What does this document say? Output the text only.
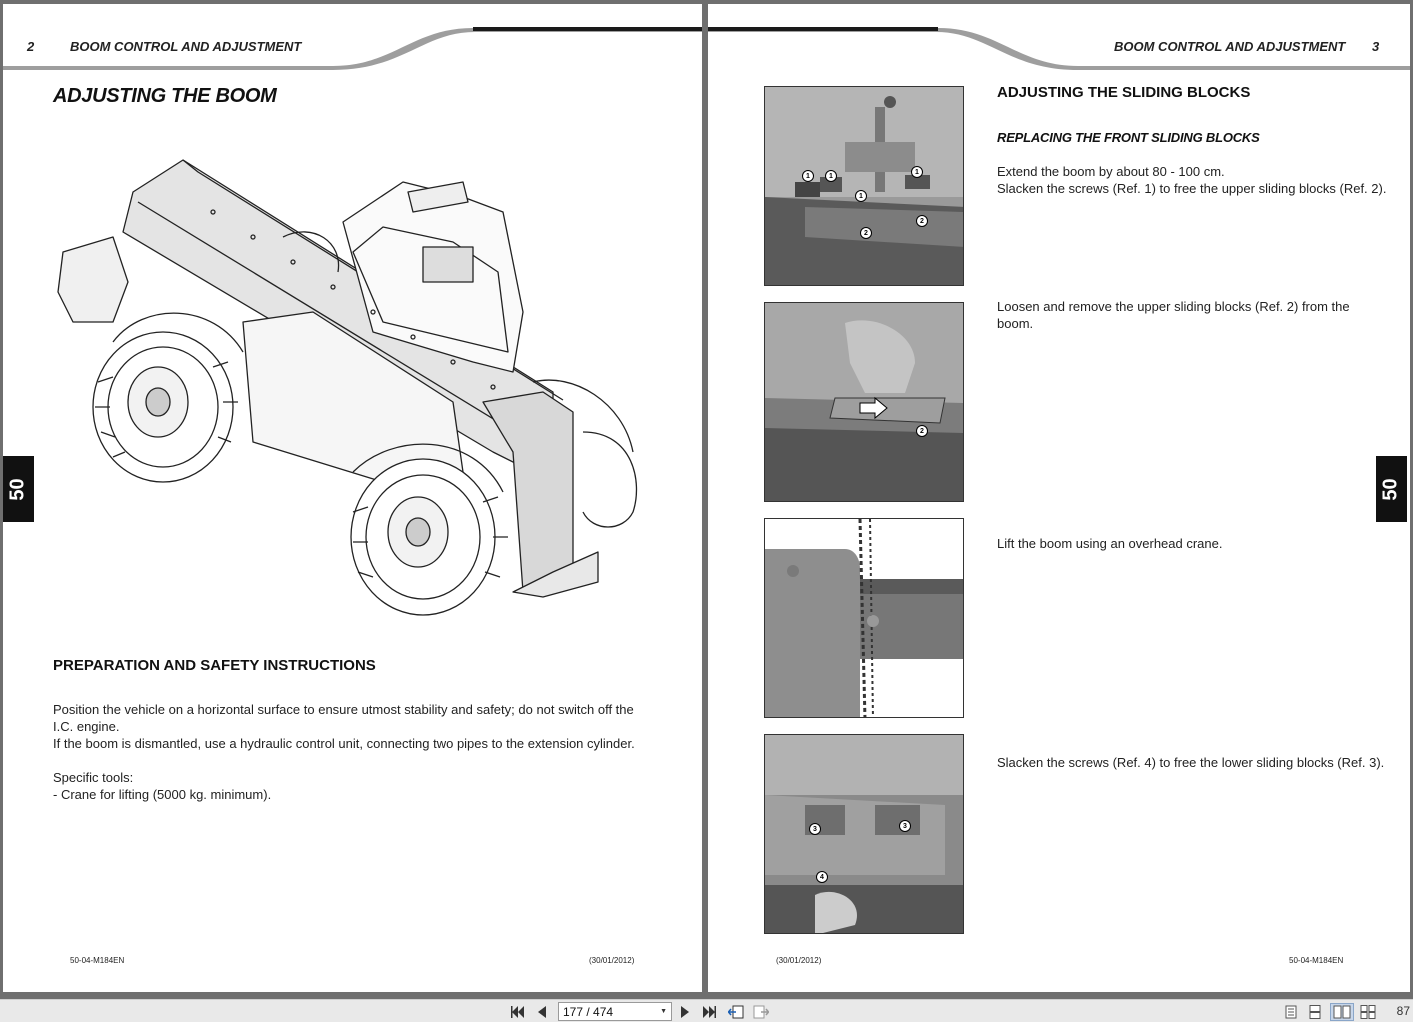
2	BOOM CONTROL AND ADJUSTMENT
ADJUSTING THE BOOM
PREPARATION AND SAFETY INSTRUCTIONS
Position the vehicle on a horizontal surface to ensure utmost stability and safety; do not switch off the
I.C. engine.
If the boom is dismantled, use a hydraulic control unit, connecting two pipes to the extension cylinder.
Specific tools:
- Crane for lifting (5000 kg. minimum).
50-04-M184EN	(30/01/2012)
50
BOOM CONTROL AND ADJUSTMENT 3
1	1
1
1
2
2
2
3	3
4
ADJUSTING THE SLIDING BLOCKS
REPLACING THE FRONT SLIDING BLOCKS
Extend the boom by about 80 - 100 cm.
Slacken the screws (Ref. 1) to free the upper sliding blocks (Ref. 2).
Loosen and remove the upper sliding blocks (Ref. 2) from the
boom.
Lift the boom using an overhead crane.
Slacken the screws (Ref. 4) to free the lower sliding blocks (Ref. 3).
(30/01/2012)	50-04-M184EN
50
177 / 474	▼	87
